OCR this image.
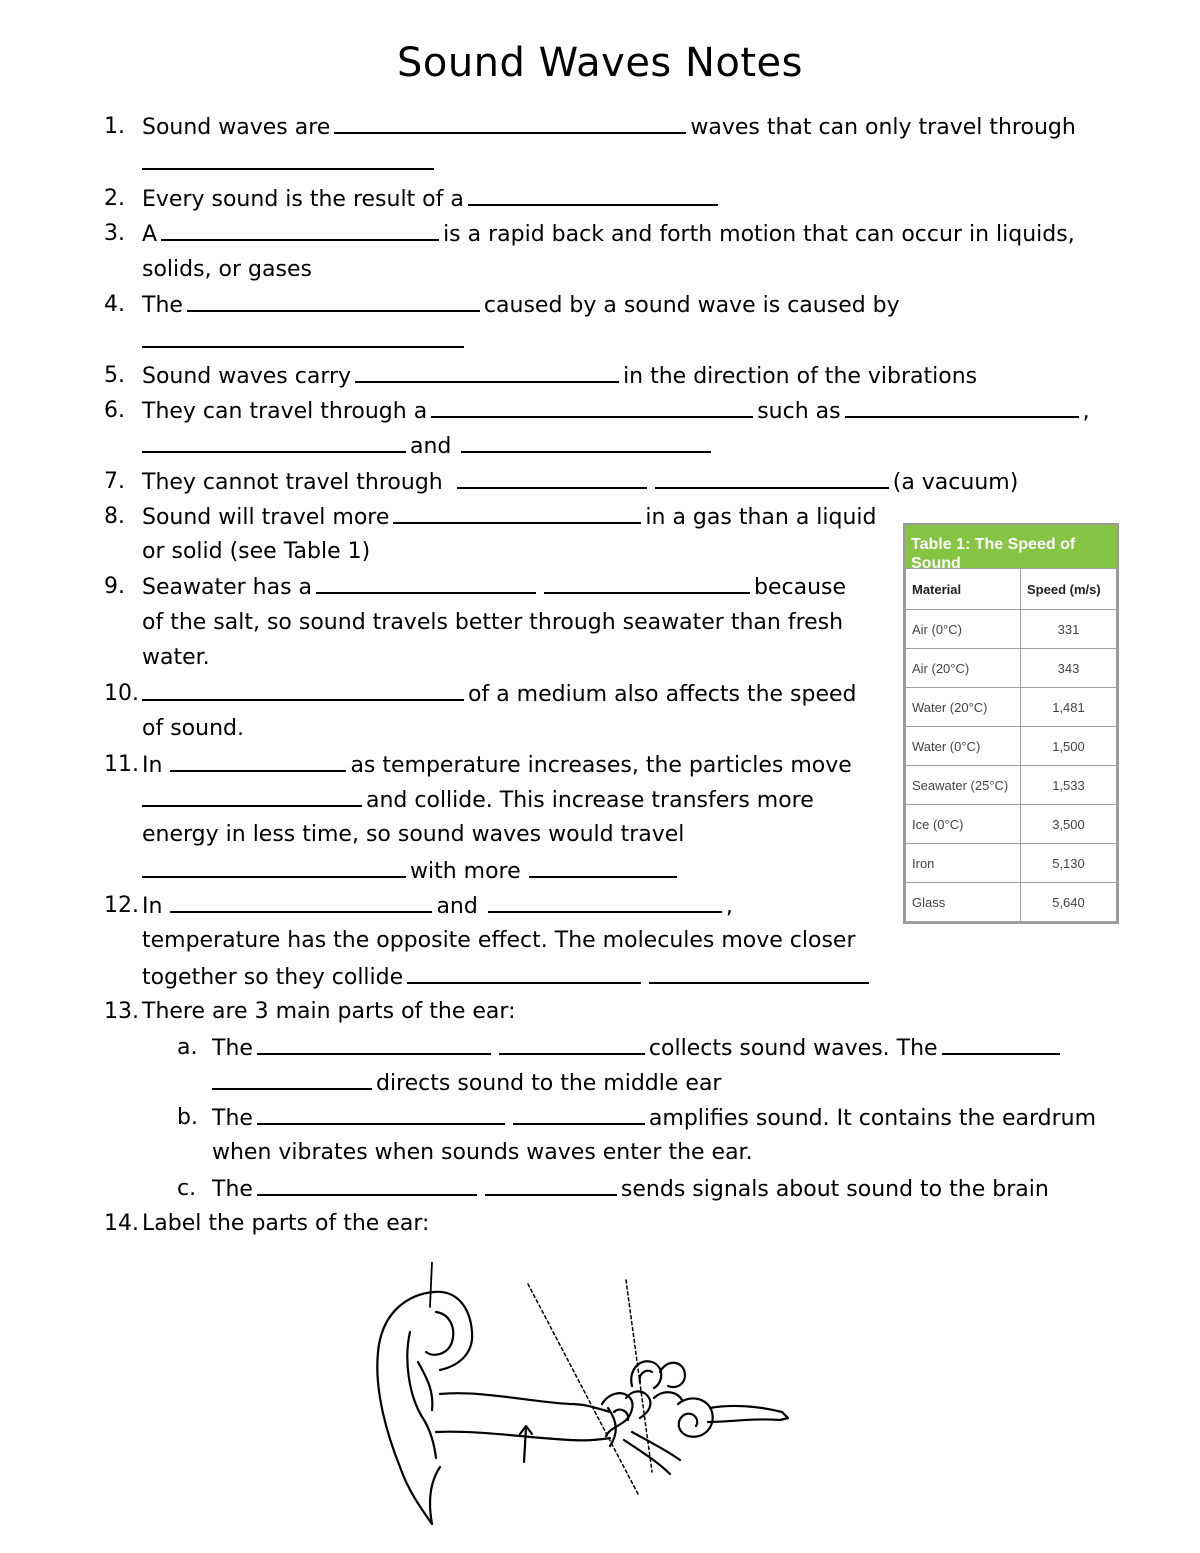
Sound Waves Notes
1. Sound waves are	waves that can only travel through
2. Every sound is the result of a
3. A	is a rapid back and forth motion that can occur in liquids,
solids, or gases
4. The	caused by a sound wave is caused by
5. Sound waves carry	in the direction of the vibrations
6. They can travel through a	such as	,
and
7. They cannot travel through	(a vacuum)
8. Sound will travel more	in a gas than a liquid
or solid (see Table 1)
9. Seawater has a	because
of the salt, so sound travels better through seawater than fresh
water.
10.	of a medium also affects the speed
of sound.
11. In	as temperature increases, the particles move
and collide. This increase transfers more
energy in less time, so sound waves would travel
with more
12. In	and	,
temperature has the opposite effect. The molecules move closer
together so they collide
13. There are 3 main parts of the ear:
a. The	collects sound waves. The
directs sound to the middle ear
b. The	amplifies sound. It contains the eardrum
when vibrates when sounds waves enter the ear.
c. The	sends signals about sound to the brain
14. Label the parts of the ear:
Table 1: The Speed of Sound
Material	Speed (m/s)
Air (0°C)	331
Air (20°C)	343
Water (20°C)	1,481
Water (0°C)	1,500
Seawater (25°C)	1,533
Ice (0°C)	3,500
Iron	5,130
Glass	5,640
